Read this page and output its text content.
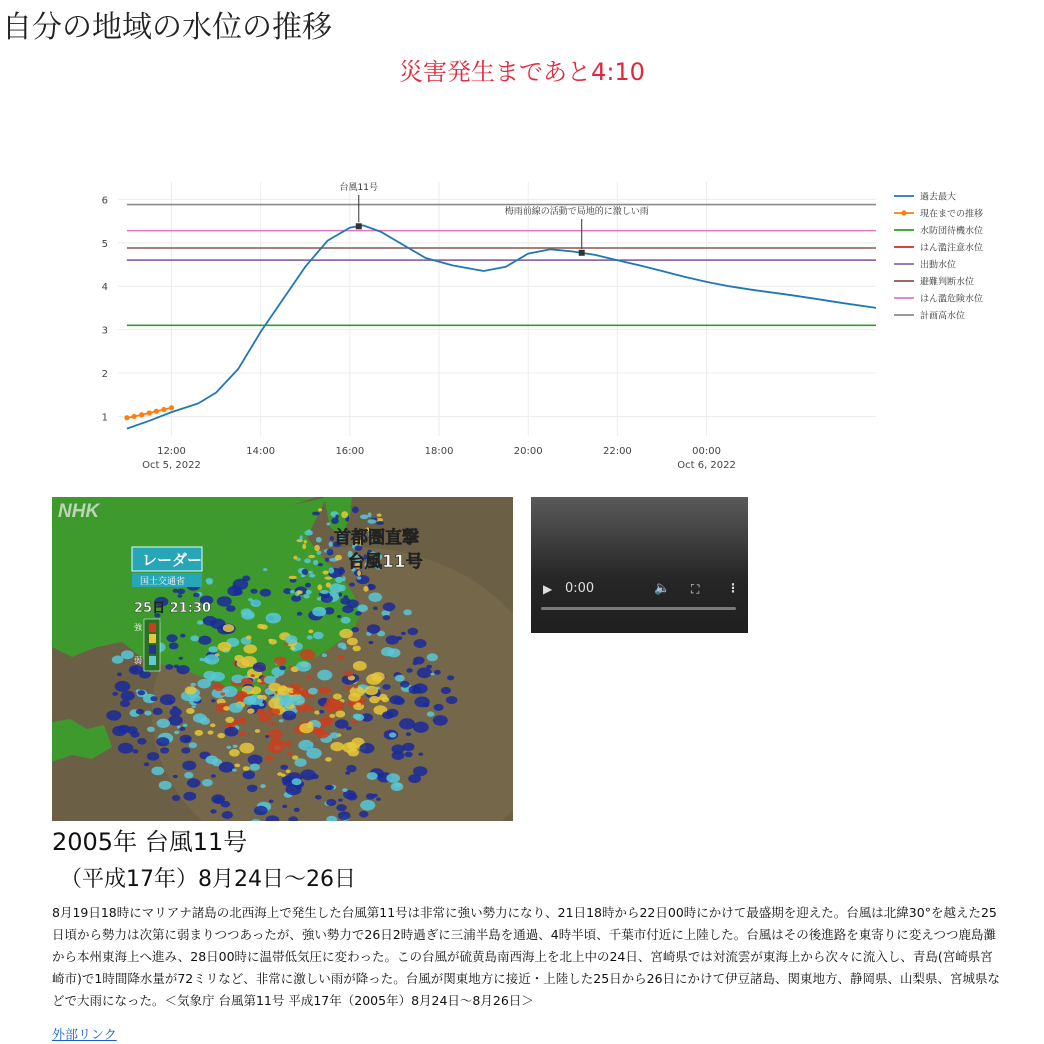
自分の地域の水位の推移
災害発生まであと4:10
1
2
3
4
5
6
12:00
Oct 5, 2022
14:00	16:00	18:00	20:00	22:00	00:00
Oct 6, 2022
台風11号
梅雨前線の活動で局地的に激しい雨
過去最大
現在までの推移
水防団待機水位
はん濫注意水位
出動水位
避難判断水位
はん濫危険水位
計画高水位
NHK
首都圏直撃
台風11号
レーダー
国土交通省
25日 21:30
強
弱
▶ 0:00	🔈 ⛶ ⋮
2005年 台風11号
（平成17年）8月24日〜26日

8月19日18時にマリアナ諸島の北西海上で発生した台風第11号は非常に強い勢力になり、21日18時から22日00時にかけて最盛期を迎えた。台風は北緯30°を越えた25日頃から勢力は次第に弱まりつつあったが、強い勢力で26日2時過ぎに三浦半島を通過、4時半頃、千葉市付近に上陸した。台風はその後進路を東寄りに変えつつ鹿島灘から本州東海上へ進み、28日00時に温帯低気圧に変わった。この台風が硫黄島南西海上を北上中の24日、宮崎県では対流雲が東海上から次々に流入し、青島(宮崎県宮崎市)で1時間降水量が72ミリなど、非常に激しい雨が降った。台風が関東地方に接近・上陸した25日から26日にかけて伊豆諸島、関東地方、静岡県、山梨県、宮城県などで大雨になった。＜気象庁 台風第11号 平成17年（2005年）8月24日〜8月26日＞

外部リンク
